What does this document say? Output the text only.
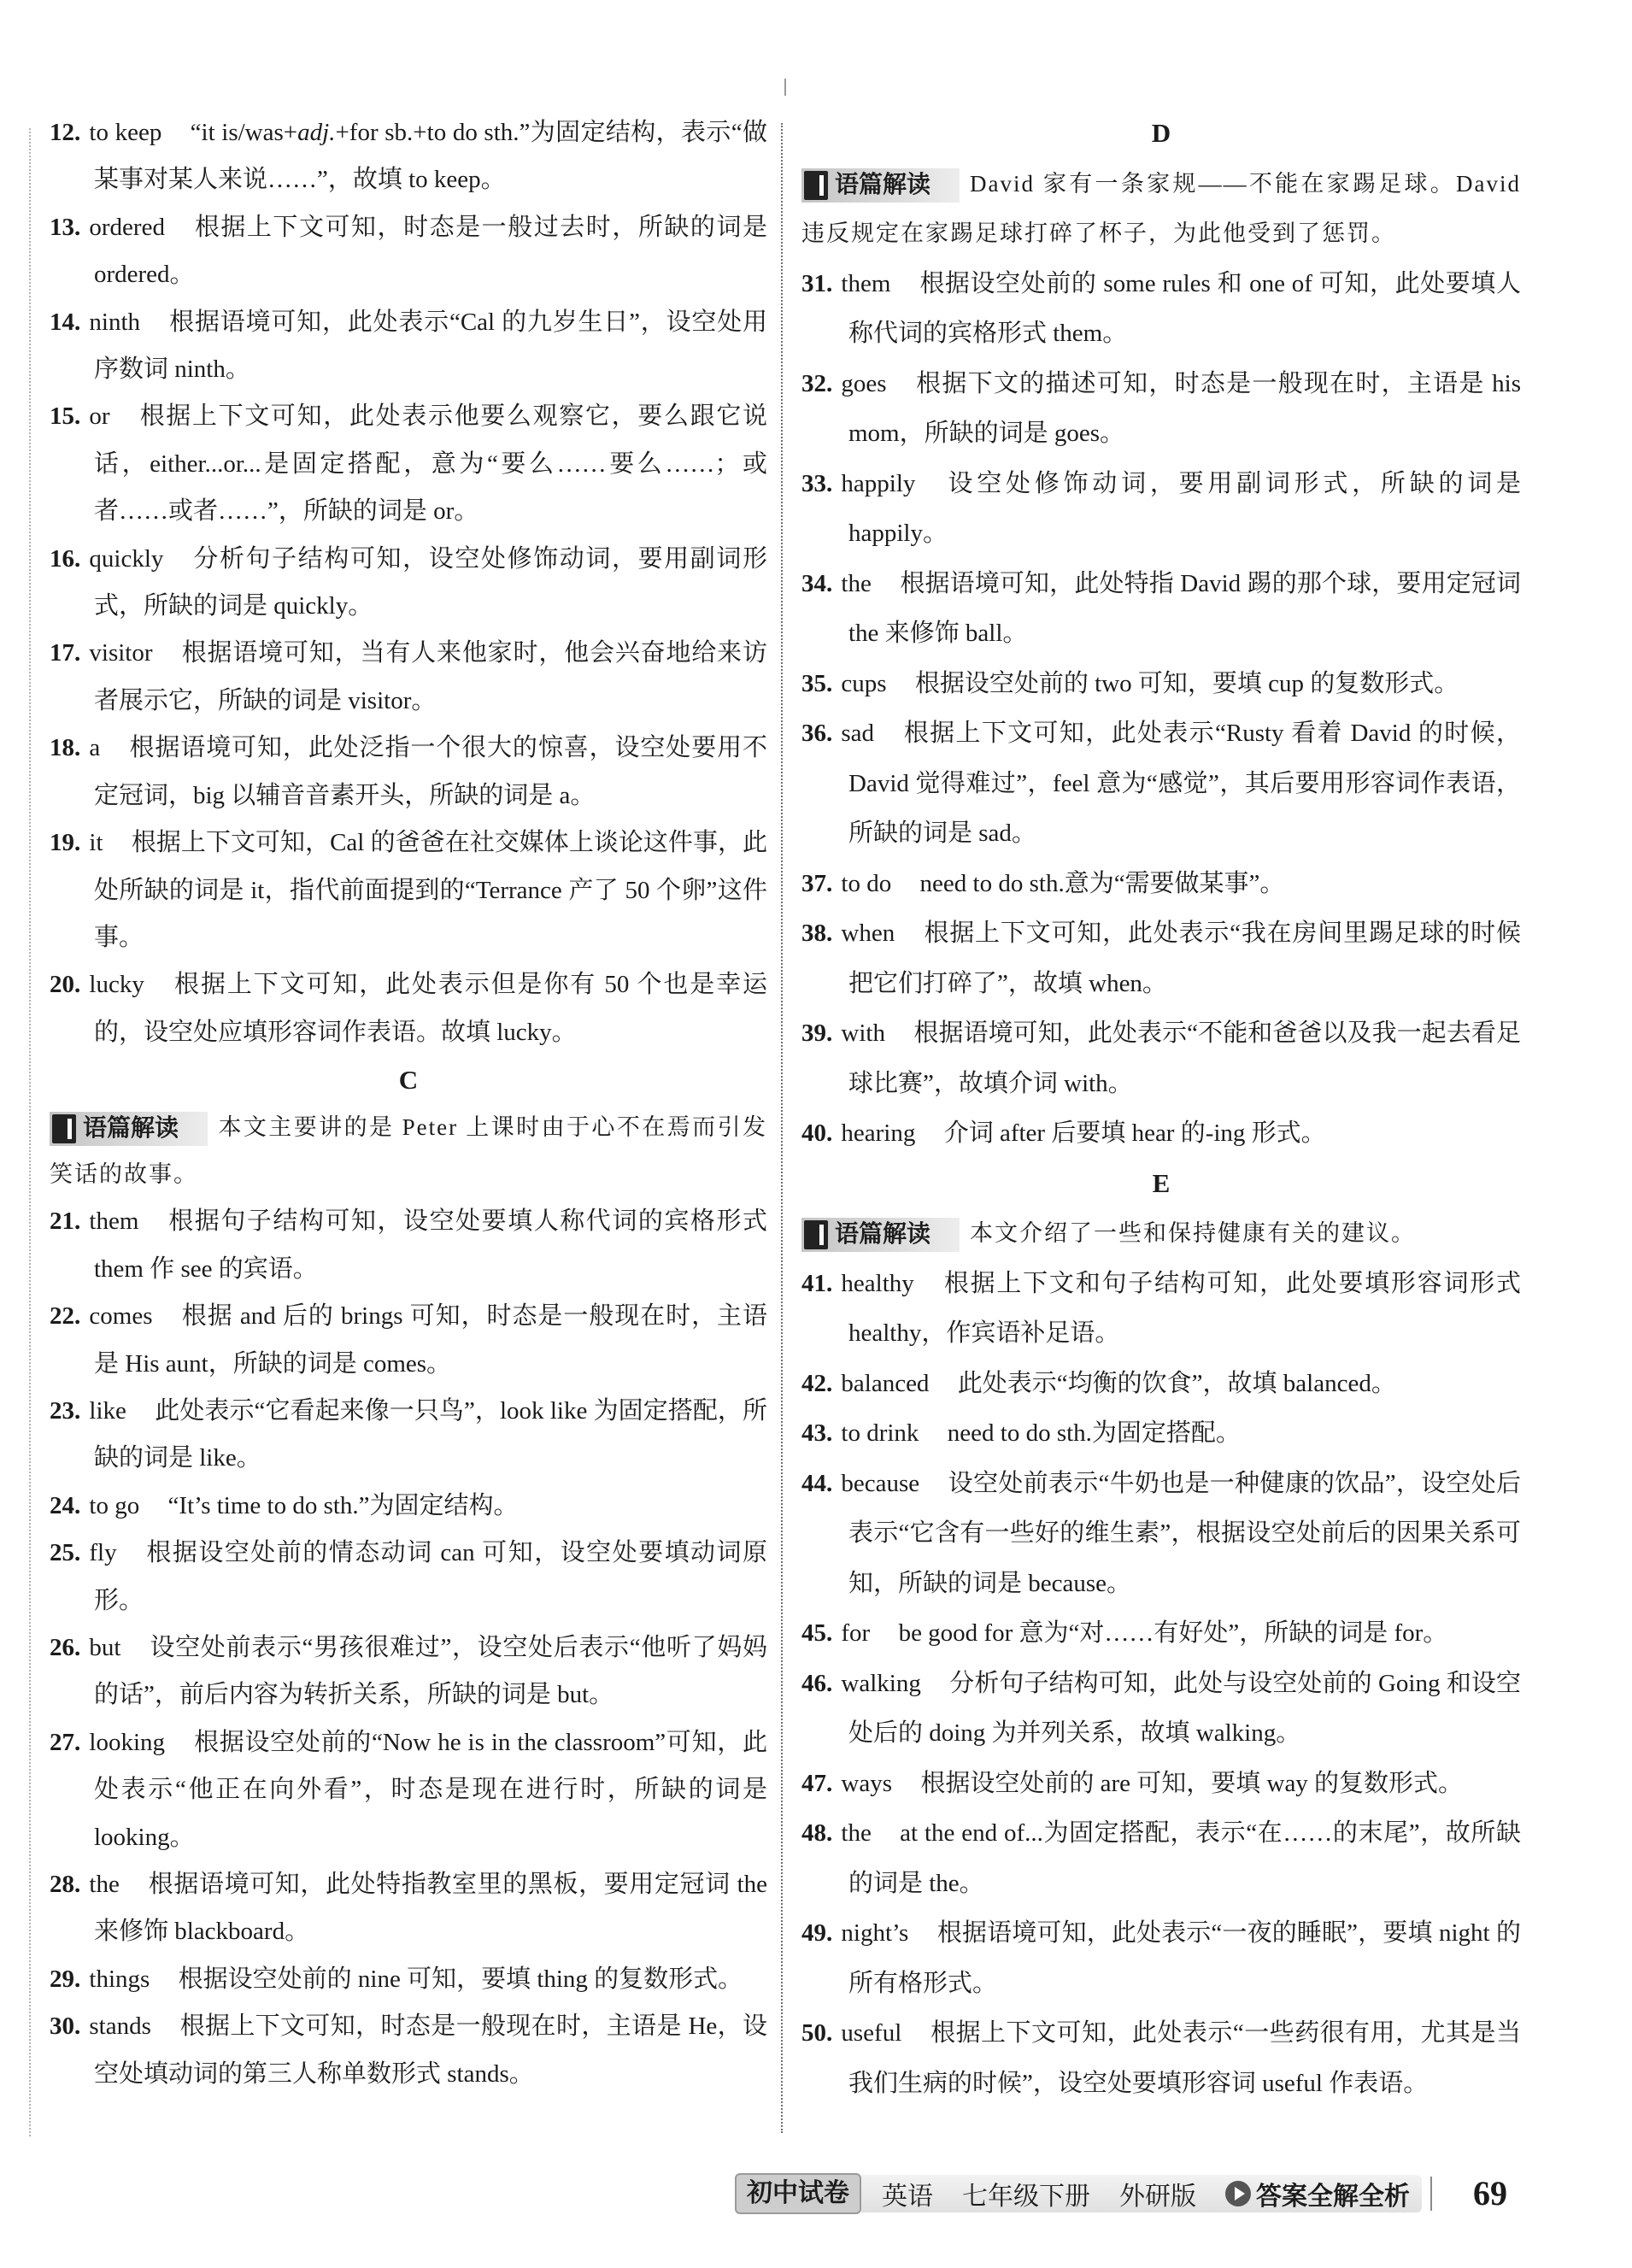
12. to keep “it is/was+adj.+for sb.+to do sth.”为固定结构，表示“做某事对某人来说……”，故填 to keep。
13. ordered 根据上下文可知，时态是一般过去时，所缺的词是 ordered。
14. ninth 根据语境可知，此处表示“Cal 的九岁生日”，设空处用序数词 ninth。
15. or 根据上下文可知，此处表示他要么观察它，要么跟它说话，either...or...是固定搭配，意为“要么……要么……；或者……或者……”，所缺的词是 or。
16. quickly 分析句子结构可知，设空处修饰动词，要用副词形式，所缺的词是 quickly。
17. visitor 根据语境可知，当有人来他家时，他会兴奋地给来访者展示它，所缺的词是 visitor。
18. a 根据语境可知，此处泛指一个很大的惊喜，设空处要用不定冠词，big 以辅音音素开头，所缺的词是 a。
19. it 根据上下文可知，Cal 的爸爸在社交媒体上谈论这件事，此处所缺的词是 it，指代前面提到的“Terrance 产了 50 个卵”这件事。
20. lucky 根据上下文可知，此处表示但是你有 50 个也是幸运的，设空处应填形容词作表语。故填 lucky。
C
语篇解读 本文主要讲的是 Peter 上课时由于心不在焉而引发笑话的故事。
21. them 根据句子结构可知，设空处要填人称代词的宾格形式 them 作 see 的宾语。
22. comes 根据 and 后的 brings 可知，时态是一般现在时，主语是 His aunt，所缺的词是 comes。
23. like 此处表示“它看起来像一只鸟”，look like 为固定搭配，所缺的词是 like。
24. to go “It’s time to do sth.”为固定结构。
25. fly 根据设空处前的情态动词 can 可知，设空处要填动词原形。
26. but 设空处前表示“男孩很难过”，设空处后表示“他听了妈妈的话”，前后内容为转折关系，所缺的词是 but。
27. looking 根据设空处前的“Now he is in the classroom”可知，此处表示“他正在向外看”，时态是现在进行时，所缺的词是 looking。
28. the 根据语境可知，此处特指教室里的黑板，要用定冠词 the 来修饰 blackboard。
29. things 根据设空处前的 nine 可知，要填 thing 的复数形式。
30. stands 根据上下文可知，时态是一般现在时，主语是 He，设空处填动词的第三人称单数形式 stands。
D
语篇解读 David 家有一条家规——不能在家踢足球。David 违反规定在家踢足球打碎了杯子，为此他受到了惩罚。
31. them 根据设空处前的 some rules 和 one of 可知，此处要填人称代词的宾格形式 them。
32. goes 根据下文的描述可知，时态是一般现在时，主语是 his mom，所缺的词是 goes。
33. happily 设空处修饰动词，要用副词形式，所缺的词是 happily。
34. the 根据语境可知，此处特指 David 踢的那个球，要用定冠词 the 来修饰 ball。
35. cups 根据设空处前的 two 可知，要填 cup 的复数形式。
36. sad 根据上下文可知，此处表示“Rusty 看着 David 的时候，David 觉得难过”，feel 意为“感觉”，其后要用形容词作表语，所缺的词是 sad。
37. to do need to do sth.意为“需要做某事”。
38. when 根据上下文可知，此处表示“我在房间里踢足球的时候把它们打碎了”，故填 when。
39. with 根据语境可知，此处表示“不能和爸爸以及我一起去看足球比赛”，故填介词 with。
40. hearing 介词 after 后要填 hear 的-ing 形式。
E
语篇解读 本文介绍了一些和保持健康有关的建议。
41. healthy 根据上下文和句子结构可知，此处要填形容词形式 healthy，作宾语补足语。
42. balanced 此处表示“均衡的饮食”，故填 balanced。
43. to drink need to do sth.为固定搭配。
44. because 设空处前表示“牛奶也是一种健康的饮品”，设空处后表示“它含有一些好的维生素”，根据设空处前后的因果关系可知，所缺的词是 because。
45. for be good for 意为“对……有好处”，所缺的词是 for。
46. walking 分析句子结构可知，此处与设空处前的 Going 和设空处后的 doing 为并列关系，故填 walking。
47. ways 根据设空处前的 are 可知，要填 way 的复数形式。
48. the at the end of...为固定搭配，表示“在……的末尾”，故所缺的词是 the。
49. night’s 根据语境可知，此处表示“一夜的睡眠”，要填 night 的所有格形式。
50. useful 根据上下文可知，此处表示“一些药很有用，尤其是当我们生病的时候”，设空处要填形容词 useful 作表语。
初中试卷	英语 七年级下册 外研版 答案全解全析 69
